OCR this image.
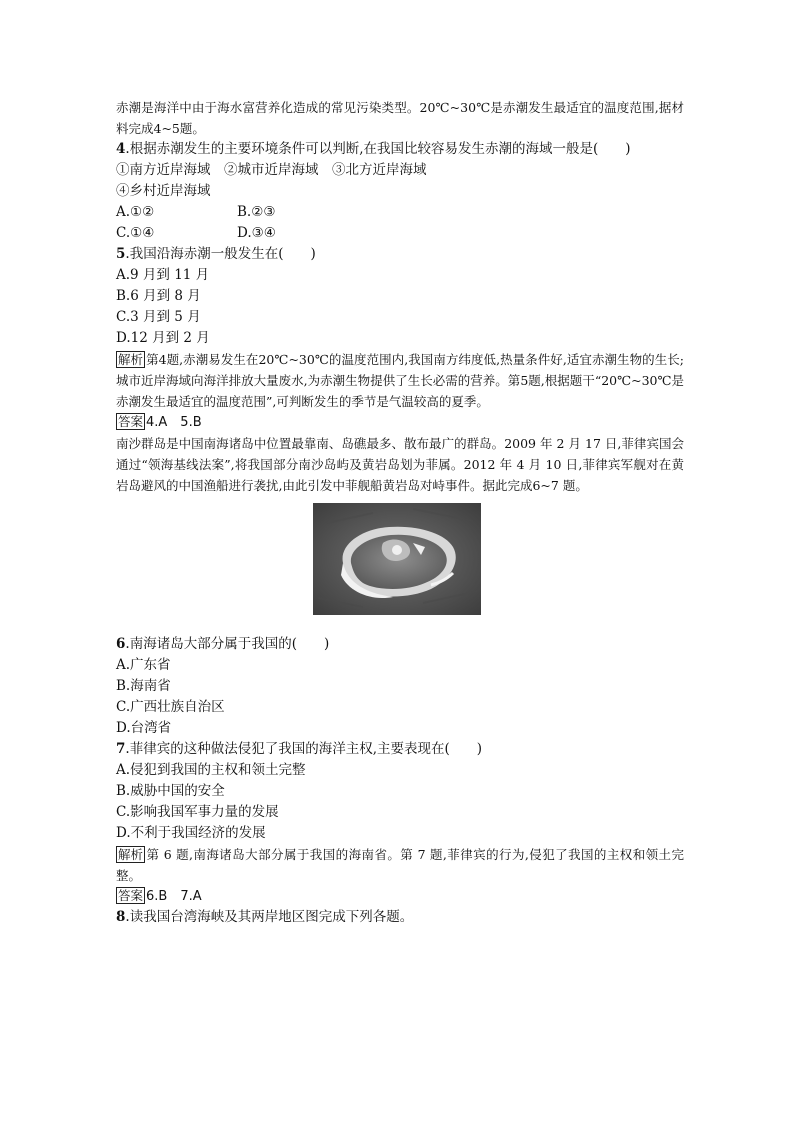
赤潮是海洋中由于海水富营养化造成的常见污染类型。20℃~30℃是赤潮发生最适宜的温度范围,据材料完成4~5题。

4.根据赤潮发生的主要环境条件可以判断,在我国比较容易发生赤潮的海域一般是(　　)

①南方近岸海域　②城市近岸海域　③北方近岸海域

④乡村近岸海域

A.①②	B.②③
C.①④	D.③④

5.我国沿海赤潮一般发生在(　　)

A.9 月到 11 月

B.6 月到 8 月

C.3 月到 5 月

D.12 月到 2 月

解析 第4题,赤潮易发生在20℃~30℃的温度范围内,我国南方纬度低,热量条件好,适宜赤潮生物的生长;城市近岸海域向海洋排放大量废水,为赤潮生物提供了生长必需的营养。第5题,根据题干“20℃~30℃是赤潮发生最适宜的温度范围”,可判断发生的季节是气温较高的夏季。

答案 4.A　5.B

南沙群岛是中国南海诸岛中位置最靠南、岛礁最多、散布最广的群岛。2009 年 2 月 17 日,菲律宾国会通过“领海基线法案”,将我国部分南沙岛屿及黄岩岛划为菲属。2012 年 4 月 10 日,菲律宾军舰对在黄岩岛避风的中国渔船进行袭扰,由此引发中菲舰船黄岩岛对峙事件。据此完成6~7 题。

6.南海诸岛大部分属于我国的(　　)

A.广东省

B.海南省

C.广西壮族自治区

D.台湾省

7.菲律宾的这种做法侵犯了我国的海洋主权,主要表现在(　　)

A.侵犯到我国的主权和领土完整

B.威胁中国的安全

C.影响我国军事力量的发展

D.不利于我国经济的发展

解析 第 6 题,南海诸岛大部分属于我国的海南省。第 7 题,菲律宾的行为,侵犯了我国的主权和领土完整。

答案 6.B　7.A

8.读我国台湾海峡及其两岸地区图完成下列各题。
